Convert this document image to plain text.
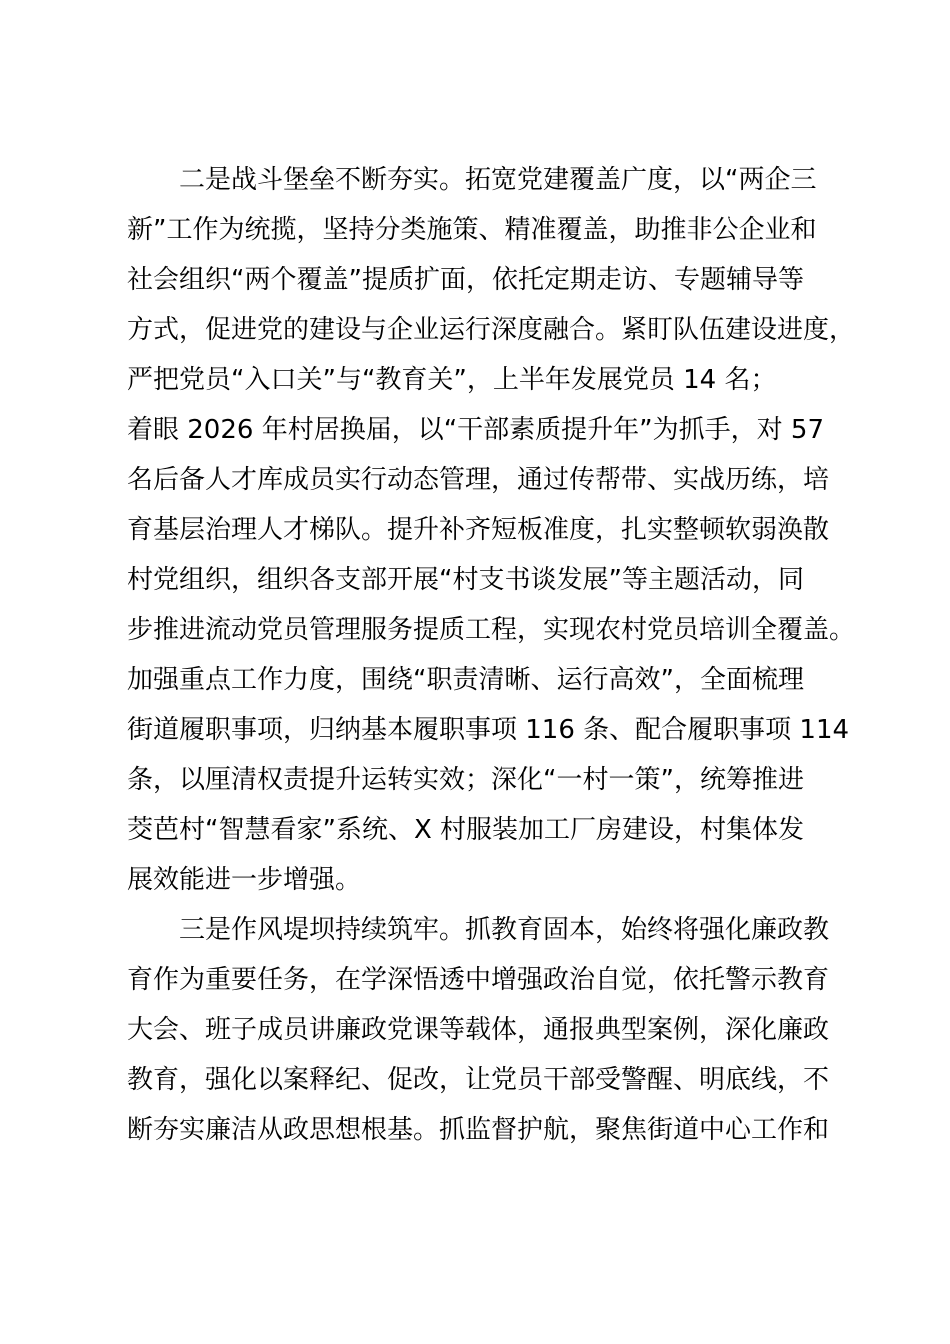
二是战斗堡垒不断夯实。拓宽党建覆盖广度，以“两企三
新”工作为统揽，坚持分类施策、精准覆盖，助推非公企业和
社会组织“两个覆盖”提质扩面，依托定期走访、专题辅导等
方式，促进党的建设与企业运行深度融合。紧盯队伍建设进度，
严把党员“入口关”与“教育关”，上半年发展党员 14 名；
着眼 2026 年村居换届，以“干部素质提升年”为抓手，对 57
名后备人才库成员实行动态管理，通过传帮带、实战历练，培
育基层治理人才梯队。提升补齐短板准度，扎实整顿软弱涣散
村党组织，组织各支部开展“村支书谈发展”等主题活动，同
步推进流动党员管理服务提质工程，实现农村党员培训全覆盖。
加强重点工作力度，围绕“职责清晰、运行高效”，全面梳理
街道履职事项，归纳基本履职事项 116 条、配合履职事项 114
条，以厘清权责提升运转实效；深化“一村一策”，统筹推进
茭芭村“智慧看家”系统、X 村服装加工厂房建设，村集体发
展效能进一步增强。
三是作风堤坝持续筑牢。抓教育固本，始终将强化廉政教
育作为重要任务，在学深悟透中增强政治自觉，依托警示教育
大会、班子成员讲廉政党课等载体，通报典型案例，深化廉政
教育，强化以案释纪、促改，让党员干部受警醒、明底线，不
断夯实廉洁从政思想根基。抓监督护航，聚焦街道中心工作和
